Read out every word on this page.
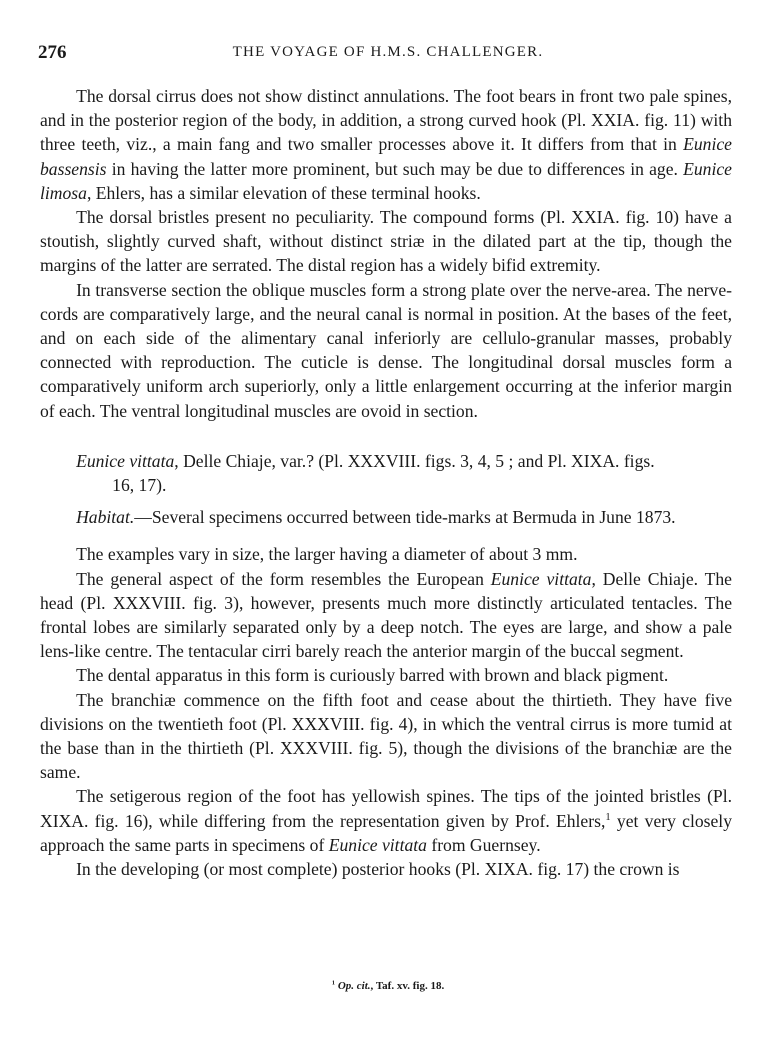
276	THE VOYAGE OF H.M.S. CHALLENGER.

The dorsal cirrus does not show distinct annulations. The foot bears in front two pale spines, and in the posterior region of the body, in addition, a strong curved hook (Pl. XXIA. fig. 11) with three teeth, viz., a main fang and two smaller processes above it. It differs from that in Eunice bassensis in having the latter more prominent, but such may be due to differences in age. Eunice limosa, Ehlers, has a similar elevation of these terminal hooks.

The dorsal bristles present no peculiarity. The compound forms (Pl. XXIA. fig. 10) have a stoutish, slightly curved shaft, without distinct striæ in the dilated part at the tip, though the margins of the latter are serrated. The distal region has a widely bifid extremity.

In transverse section the oblique muscles form a strong plate over the nerve-area. The nerve-cords are comparatively large, and the neural canal is normal in position. At the bases of the feet, and on each side of the alimentary canal inferiorly are cellulo-granular masses, probably connected with reproduction. The cuticle is dense. The longitudinal dorsal muscles form a comparatively uniform arch superiorly, only a little enlargement occurring at the inferior margin of each. The ventral longitudinal muscles are ovoid in section.

Eunice vittata, Delle Chiaje, var.? (Pl. XXXVIII. figs. 3, 4, 5 ; and Pl. XIXA. figs.
16, 17).

Habitat.—Several specimens occurred between tide-marks at Bermuda in June 1873.

The examples vary in size, the larger having a diameter of about 3 mm.

The general aspect of the form resembles the European Eunice vittata, Delle Chiaje. The head (Pl. XXXVIII. fig. 3), however, presents much more distinctly articulated tentacles. The frontal lobes are similarly separated only by a deep notch. The eyes are large, and show a pale lens-like centre. The tentacular cirri barely reach the anterior margin of the buccal segment.

The dental apparatus in this form is curiously barred with brown and black pigment.

The branchiæ commence on the fifth foot and cease about the thirtieth. They have five divisions on the twentieth foot (Pl. XXXVIII. fig. 4), in which the ventral cirrus is more tumid at the base than in the thirtieth (Pl. XXXVIII. fig. 5), though the divisions of the branchiæ are the same.

The setigerous region of the foot has yellowish spines. The tips of the jointed bristles (Pl. XIXA. fig. 16), while differing from the representation given by Prof. Ehlers,$^1$ yet very closely approach the same parts in specimens of Eunice vittata from Guernsey.

In the developing (or most complete) posterior hooks (Pl. XIXA. fig. 17) the crown is

$^1$ Op. cit., Taf. xv. fig. 18.
